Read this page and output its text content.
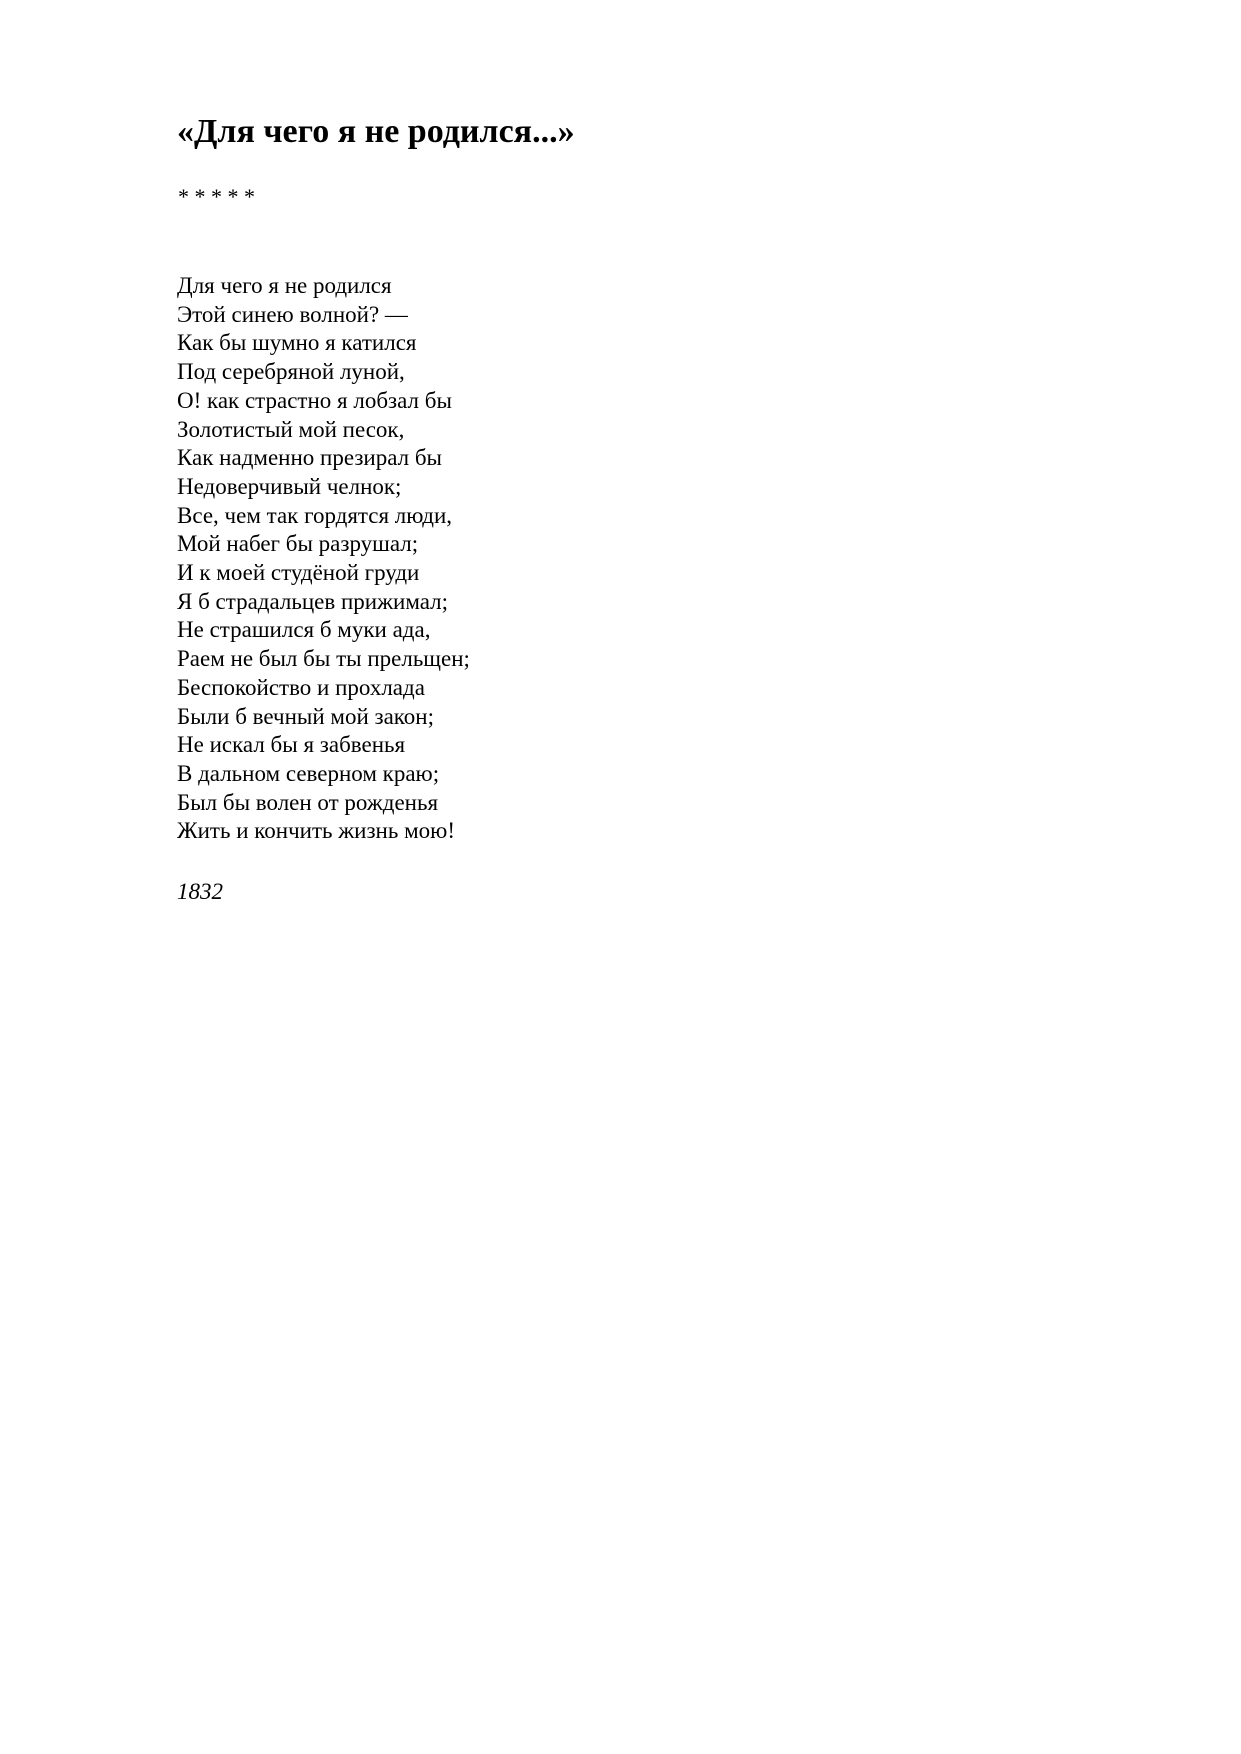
«Для чего я не родился...»
* * * * *
Для чего я не родился
Этой синею волной? —
Как бы шумно я катился
Под серебряной луной,
О! как страстно я лобзал бы
Золотистый мой песок,
Как надменно презирал бы
Недоверчивый челнок;
Все, чем так гордятся люди,
Мой набег бы разрушал;
И к моей студёной груди
Я б страдальцев прижимал;
Не страшился б муки ада,
Раем не был бы ты прельщен;
Беспокойство и прохлада
Были б вечный мой закон;
Не искал бы я забвенья
В дальном северном краю;
Был бы волен от рожденья
Жить и кончить жизнь мою!
1832
